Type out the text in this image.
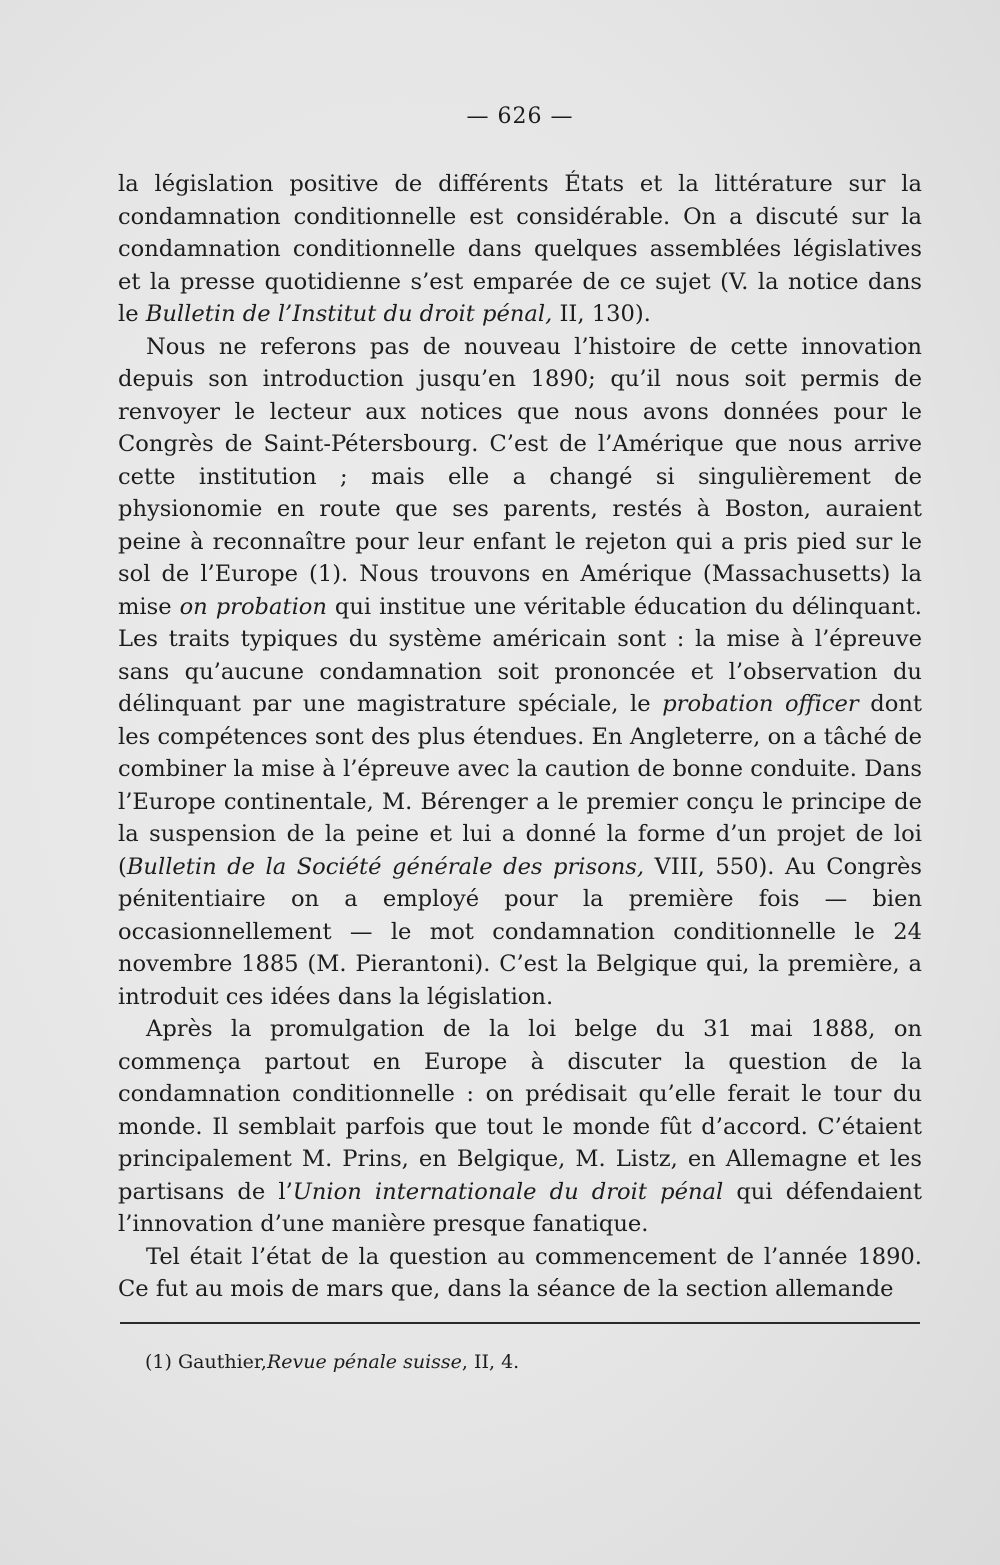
— 626 —

la législation positive de différents États et la littérature sur la condamnation conditionnelle est considérable. On a discuté sur la condamnation conditionnelle dans quelques assemblées législatives et la presse quotidienne s’est emparée de ce sujet (V. la notice dans le Bulletin de l’Institut du droit pénal, II, 130).

Nous ne referons pas de nouveau l’histoire de cette innovation depuis son introduction jusqu’en 1890; qu’il nous soit permis de renvoyer le lecteur aux notices que nous avons données pour le Congrès de Saint-Pétersbourg. C’est de l’Amérique que nous arrive cette institution ; mais elle a changé si singulièrement de physionomie en route que ses parents, restés à Boston, auraient peine à reconnaître pour leur enfant le rejeton qui a pris pied sur le sol de l’Europe (1). Nous trouvons en Amérique (Massachusetts) la mise on probation qui institue une véritable éducation du délinquant. Les traits typiques du système américain sont : la mise à l’épreuve sans qu’aucune condamnation soit prononcée et l’observation du délinquant par une magistrature spéciale, le probation officer dont les compétences sont des plus étendues. En Angleterre, on a tâché de combiner la mise à l’épreuve avec la caution de bonne conduite. Dans l’Europe continentale, M. Bérenger a le premier conçu le principe de la suspension de la peine et lui a donné la forme d’un projet de loi (Bulletin de la Société générale des prisons, VIII, 550). Au Congrès pénitentiaire on a employé pour la première fois — bien occasionnellement — le mot condamnation conditionnelle le 24 novembre 1885 (M. Pierantoni). C’est la Belgique qui, la première, a introduit ces idées dans la législation.

Après la promulgation de la loi belge du 31 mai 1888, on commença partout en Europe à discuter la question de la condamnation conditionnelle : on prédisait qu’elle ferait le tour du monde. Il semblait parfois que tout le monde fût d’accord. C’étaient principalement M. Prins, en Belgique, M. Listz, en Allemagne et les partisans de l’Union internationale du droit pénal qui défendaient l’innovation d’une manière presque fanatique.

Tel était l’état de la question au commencement de l’année 1890. Ce fut au mois de mars que, dans la séance de la section allemande

(1) Gauthier,Revue pénale suisse, II, 4.
